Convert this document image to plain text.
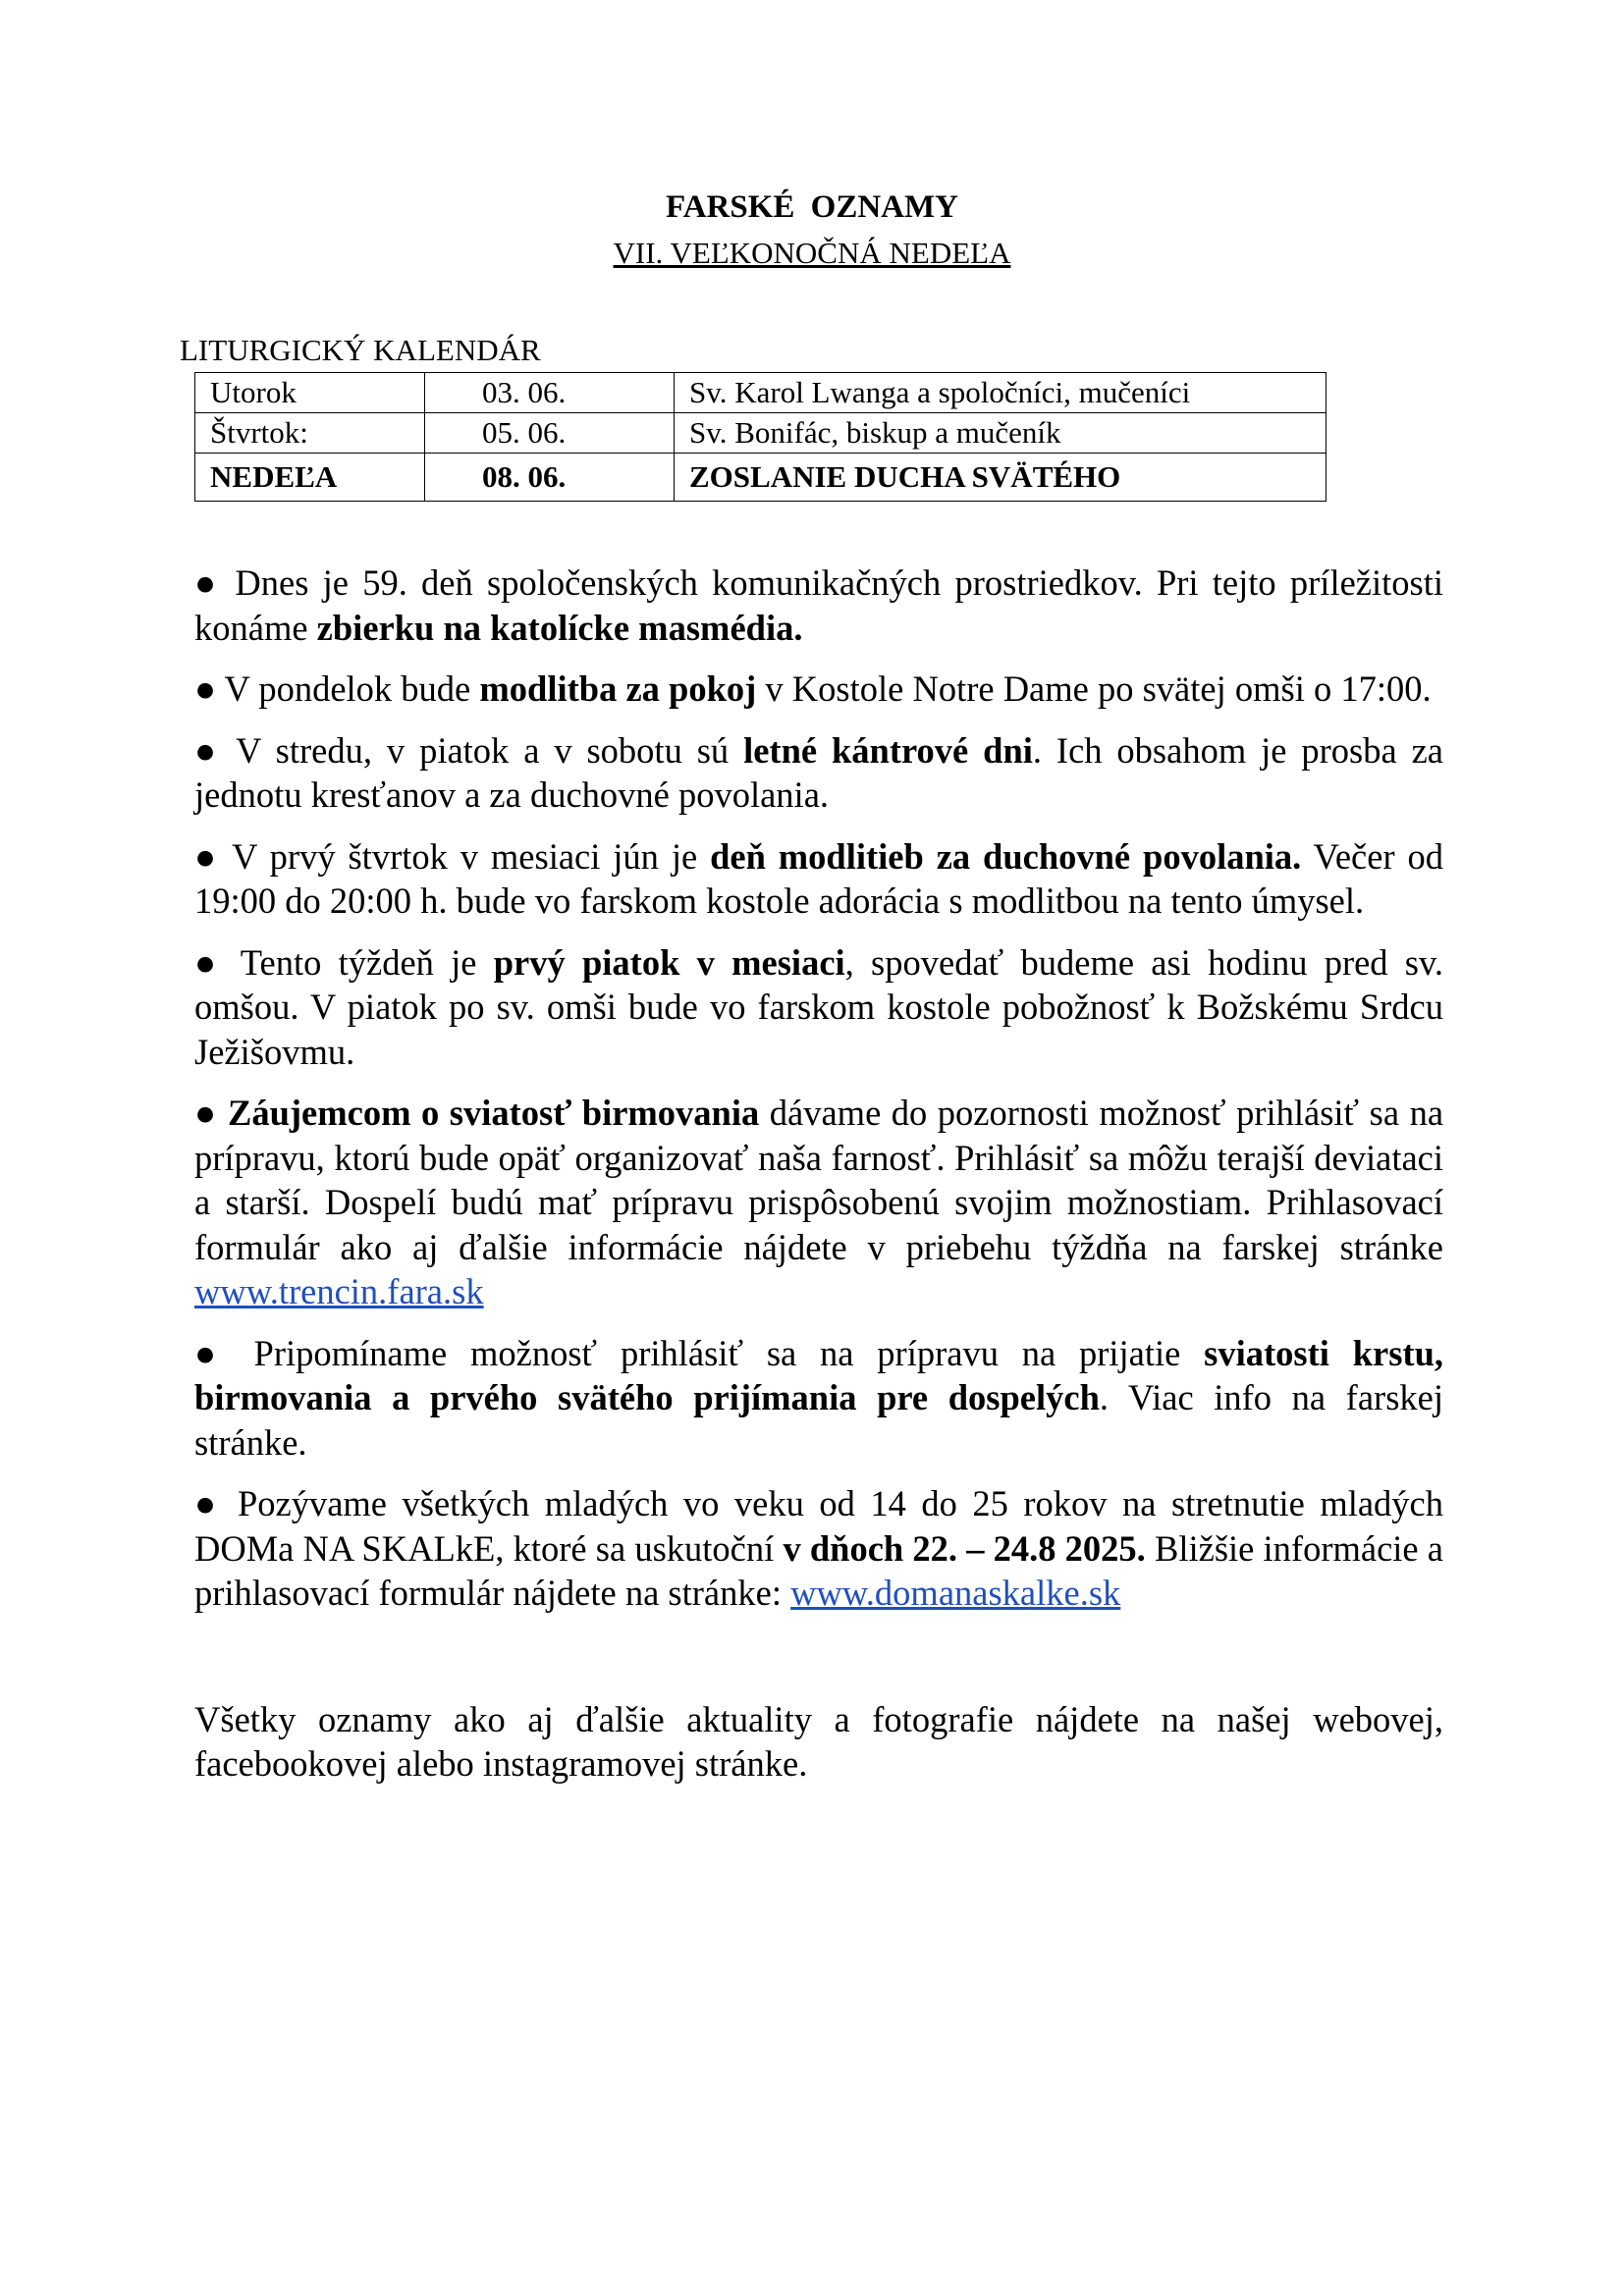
FARSKÉ OZNAMY
VII. VEĽKONOČNÁ NEDEĽA
LITURGICKÝ KALENDÁR
Utorok	03. 06.	Sv. Karol Lwanga a spoločníci, mučeníci
Štvrtok:	05. 06.	Sv. Bonifác, biskup a mučeník
NEDEĽA	08. 06.	ZOSLANIE DUCHA SVÄTÉHO

● Dnes je 59. deň spoločenských komunikačných prostriedkov. Pri tejto príležitosti konáme zbierku na katolícke masmédia.

● V pondelok bude modlitba za pokoj v Kostole Notre Dame po svätej omši o 17:00.

● V stredu, v piatok a v sobotu sú letné kántrové dni. Ich obsahom je prosba za jednotu kresťanov a za duchovné povolania.

● V prvý štvrtok v mesiaci jún je deň modlitieb za duchovné povolania. Večer od 19:00 do 20:00 h. bude vo farskom kostole adorácia s modlitbou na tento úmysel.

● Tento týždeň je prvý piatok v mesiaci, spovedať budeme asi hodinu pred sv. omšou. V piatok po sv. omši bude vo farskom kostole pobožnosť k Božskému Srdcu Ježišovmu.

● Záujemcom o sviatosť birmovania dávame do pozornosti možnosť prihlásiť sa na prípravu, ktorú bude opäť organizovať naša farnosť. Prihlásiť sa môžu terajší deviataci a starší. Dospelí budú mať prípravu prispôsobenú svojim možnostiam. Prihlasovací formulár ako aj ďalšie informácie nájdete v priebehu týždňa na farskej stránke www.trencin.fara.sk

● Pripomíname možnosť prihlásiť sa na prípravu na prijatie sviatosti krstu, birmovania a prvého svätého prijímania pre dospelých. Viac info na farskej stránke.

● Pozývame všetkých mladých vo veku od 14 do 25 rokov na stretnutie mladých DOMa NA SKALkE, ktoré sa uskutoční v dňoch 22. – 24.8 2025. Bližšie informácie a prihlasovací formulár nájdete na stránke: www.domanaskalke.sk

Všetky oznamy ako aj ďalšie aktuality a fotografie nájdete na našej webovej, facebookovej alebo instagramovej stránke.
